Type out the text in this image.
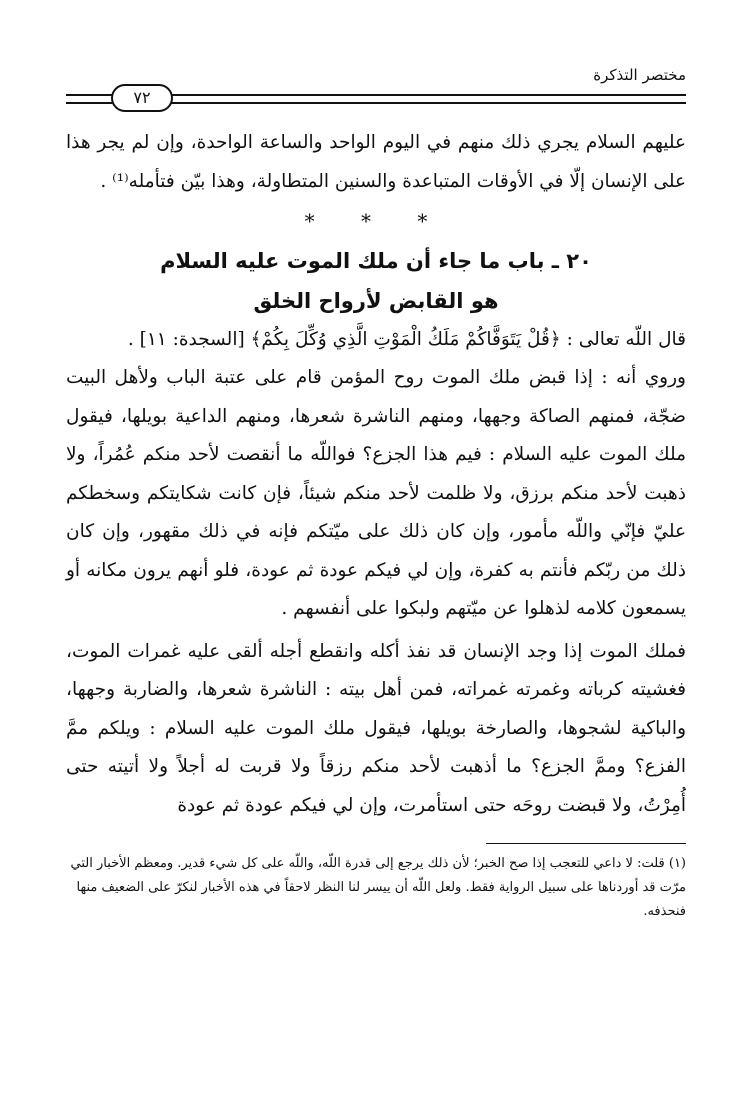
مختصر التذكرة
٧٢

عليهم السلام يجري ذلك منهم في اليوم الواحد والساعة الواحدة، وإن لم يجر هذا على الإنسان إلّا في الأوقات المتباعدة والسنين المتطاولة، وهذا بيّن فتأمله⁽¹⁾ .

* * *

٢٠ ـ باب ما جاء أن ملك الموت عليه السلام

هو القابض لأرواح الخلق

قال اللّه تعالى : ﴿قُلْ يَتَوَفَّاكُمْ مَلَكُ الْمَوْتِ الَّذِي وُكِّلَ بِكُمْ﴾ [السجدة: ١١] .

وروي أنه : إذا قبض ملك الموت روح المؤمن قام على عتبة الباب ولأهل البيت ضجّة، فمنهم الصاكة وجهها، ومنهم الناشرة شعرها، ومنهم الداعية بويلها، فيقول ملك الموت عليه السلام : فيم هذا الجزع؟ فواللّه ما أنقصت لأحد منكم عُمُراً، ولا ذهبت لأحد منكم برزق، ولا ظلمت لأحد منكم شيئاً، فإن كانت شكايتكم وسخطكم عليّ فإنّي واللّه مأمور، وإن كان ذلك على ميّتكم فإنه في ذلك مقهور، وإن كان ذلك من ربّكم فأنتم به كفرة، وإن لي فيكم عودة ثم عودة، فلو أنهم يرون مكانه أو يسمعون كلامه لذهلوا عن ميّتهم ولبكوا على أنفسهم .

فملك الموت إذا وجد الإنسان قد نفذ أكله وانقطع أجله ألقى عليه غمرات الموت، فغشيته كرباته وغمرته غمراته، فمن أهل بيته : الناشرة شعرها، والضاربة وجهها، والباكية لشجوها، والصارخة بويلها، فيقول ملك الموت عليه السلام : ويلكم ممَّ الفزع؟ وممَّ الجزع؟ ما أذهبت لأحد منكم رزقاً ولا قربت له أجلاً ولا أتيته حتى أُمِرْتُ، ولا قبضت روحَه حتى استأمرت، وإن لي فيكم عودة ثم عودة

(١) قلت: لا داعي للتعجب إذا صح الخبر؛ لأن ذلك يرجع إلى قدرة اللّه، واللّه على كل شيء قدير. ومعظم الأخبار التي مرّت قد أوردناها على سبيل الرواية فقط. ولعل اللّه أن ييسر لنا النظر لاحقاً في هذه الأخبار لنكرّ على الضعيف منها فنحذفه.
